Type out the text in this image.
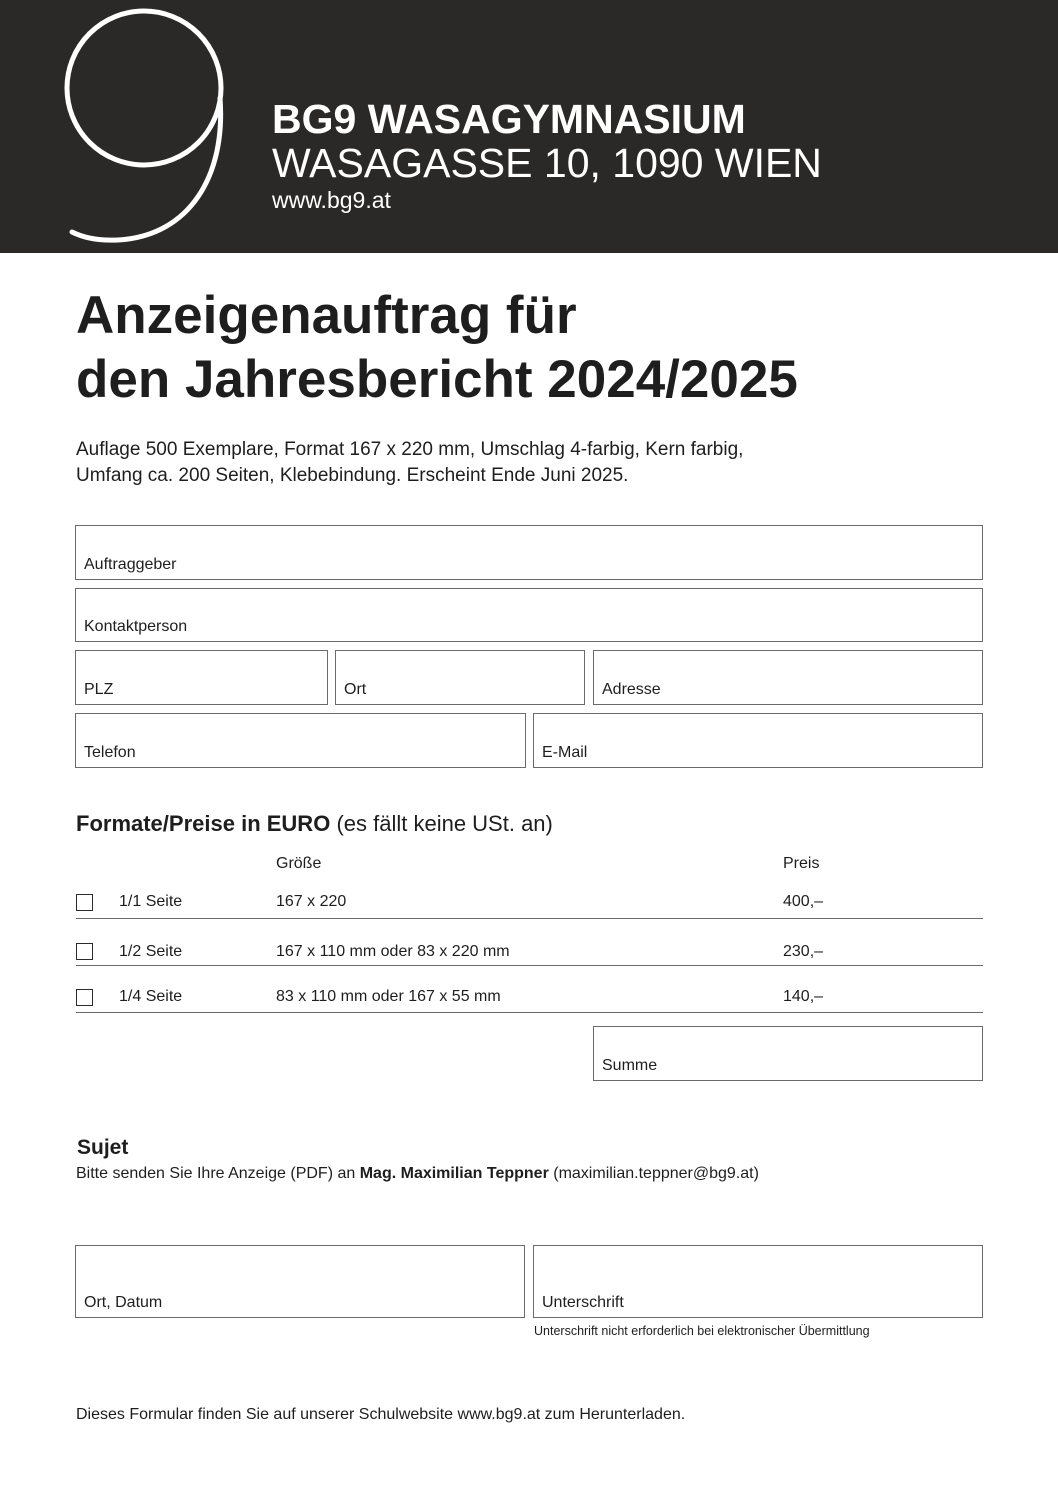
BG9 WASAGYMNASIUM
WASAGASSE 10, 1090 WIEN
www.bg9.at
Anzeigenauftrag für
den Jahresbericht 2024/2025
Auflage 500 Exemplare, Format 167 x 220 mm, Umschlag 4-farbig, Kern farbig,
Umfang ca. 200 Seiten, Klebebindung. Erscheint Ende Juni 2025.
Auftraggeber
Kontaktperson
PLZ	Ort	Adresse
Telefon	E-Mail
Formate/Preise in EURO (es fällt keine USt. an)
Größe	Preis
1/1 Seite	167 x 220	400,–
1/2 Seite	167 x 110 mm oder 83 x 220 mm	230,–
1/4 Seite	83 x 110 mm oder 167 x 55 mm	140,–
Summe
Sujet
Bitte senden Sie Ihre Anzeige (PDF) an Mag. Maximilian Teppner (maximilian.teppner@bg9.at)
Ort, Datum	Unterschrift
Unterschrift nicht erforderlich bei elektronischer Übermittlung
Dieses Formular finden Sie auf unserer Schulwebsite www.bg9.at zum Herunterladen.
